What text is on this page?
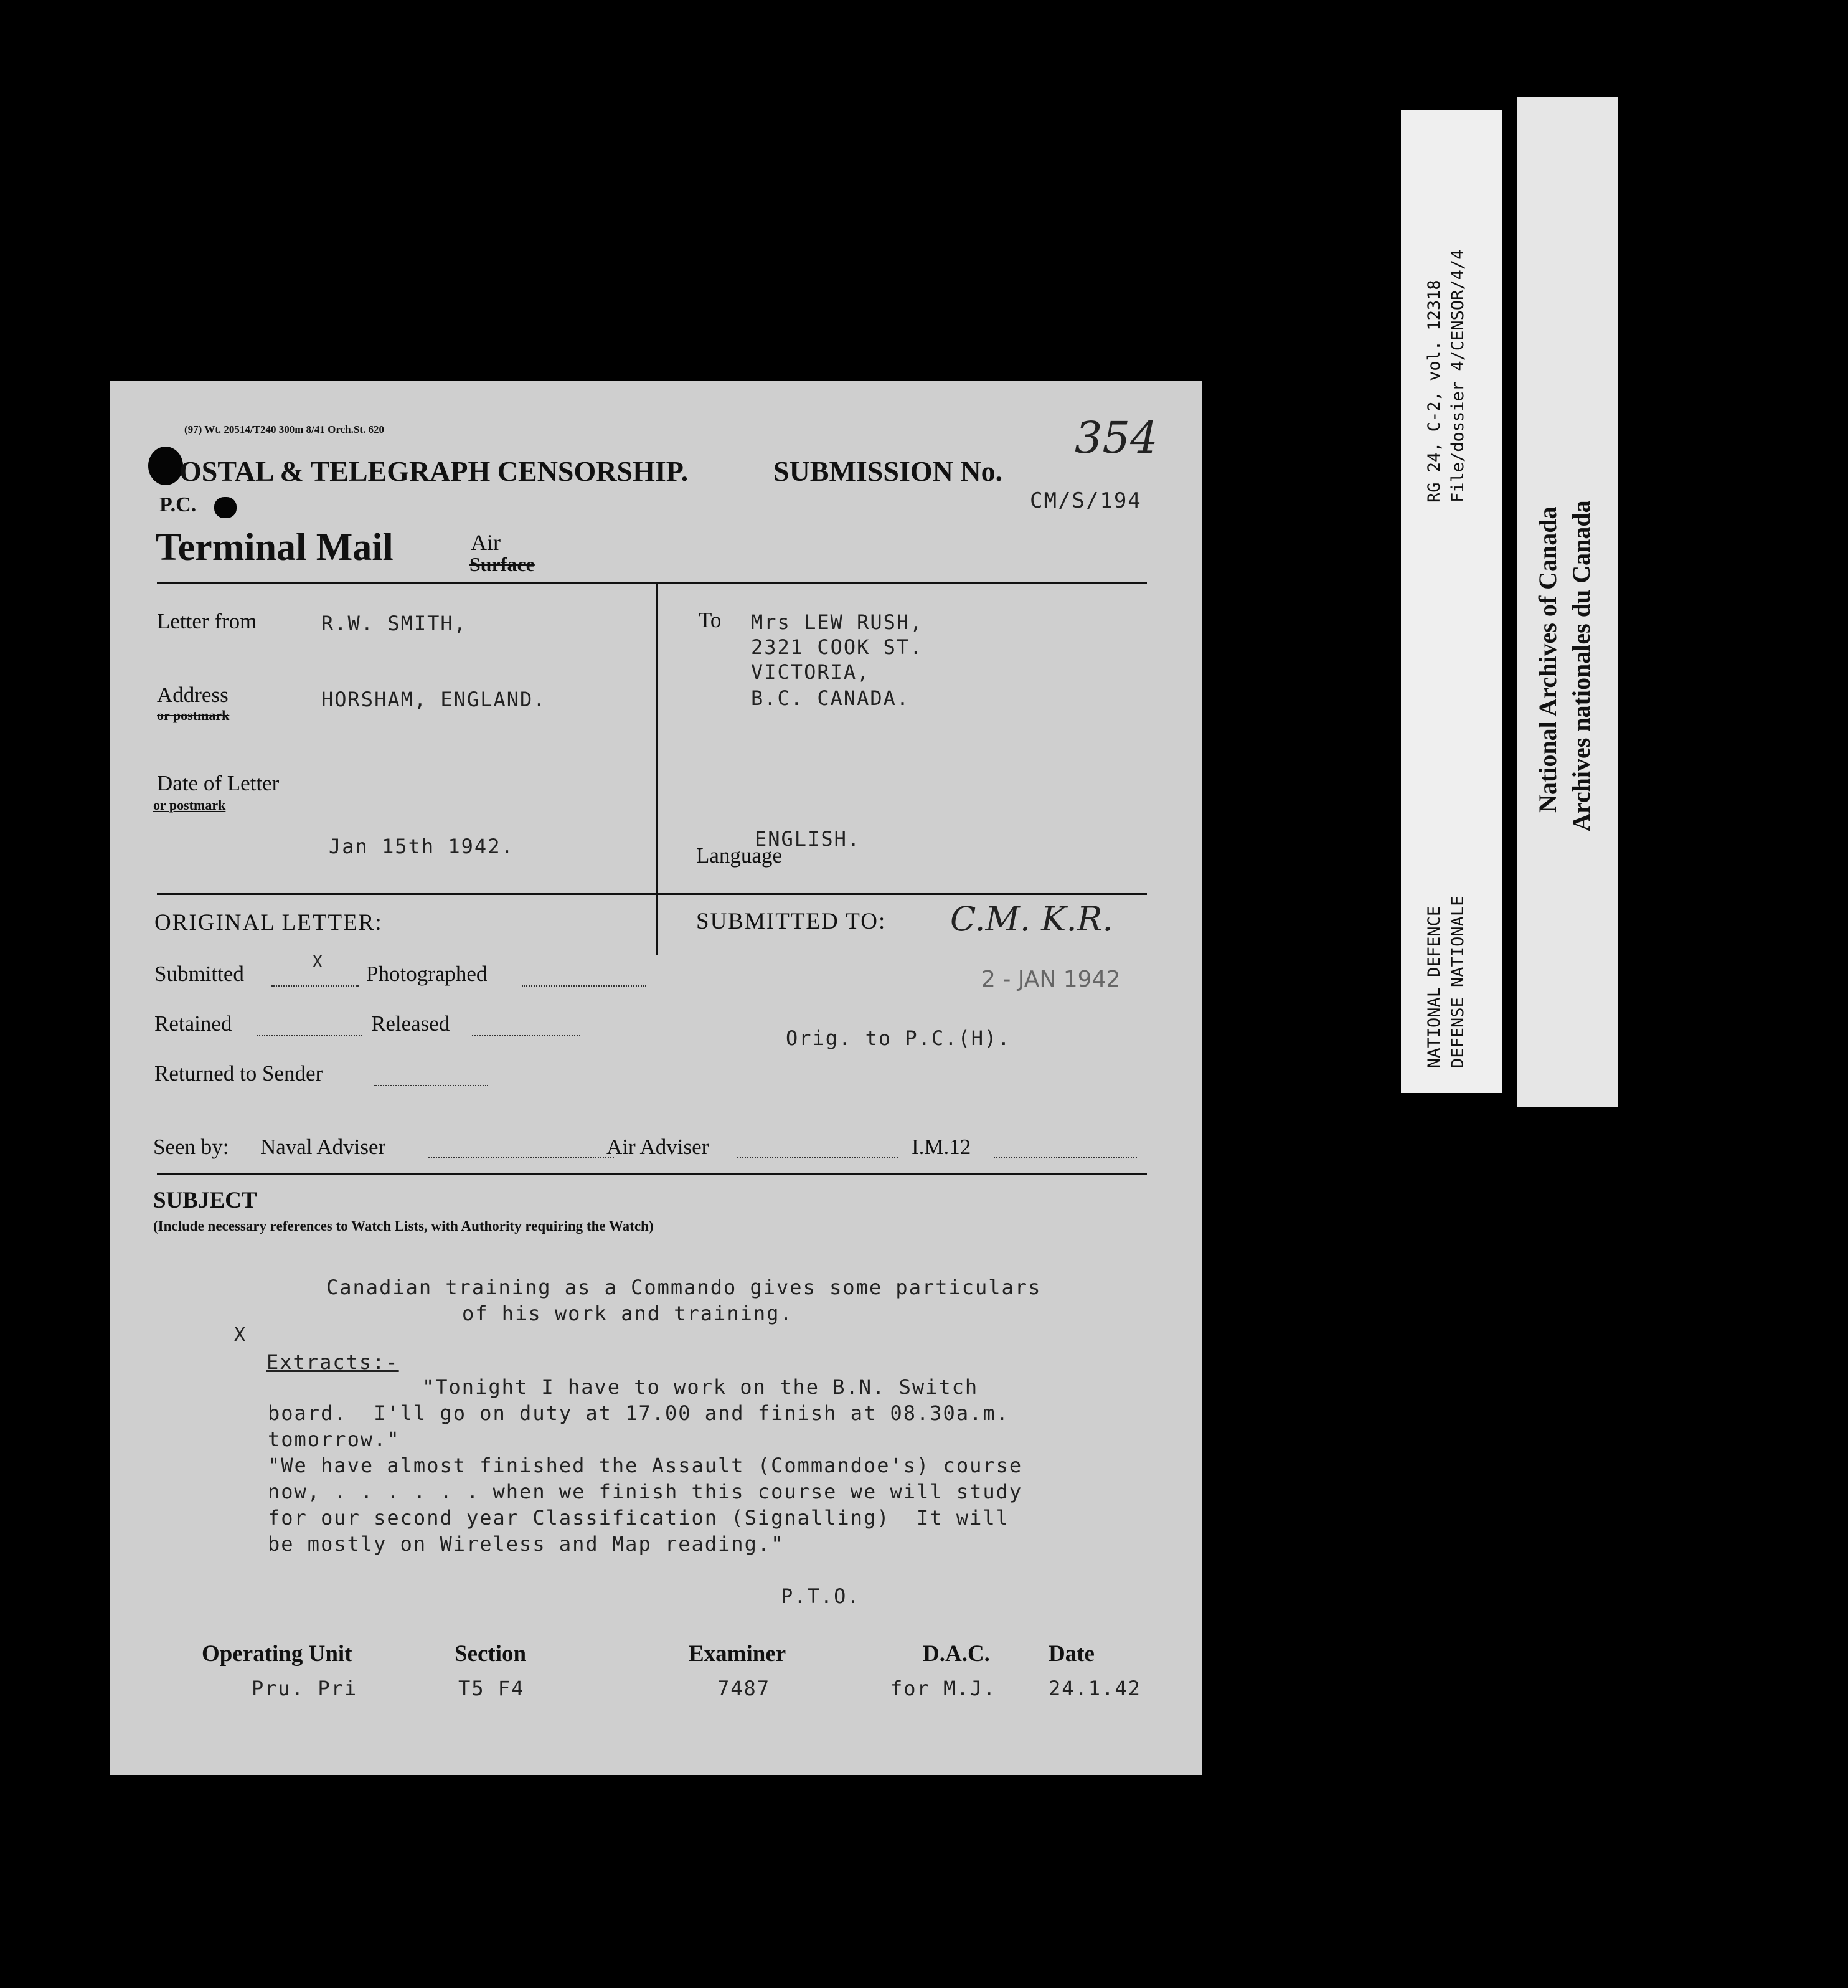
(97) Wt. 20514/T240 300m 8/41 Orch.St. 620
OSTAL & TELEGRAPH CENSORSHIP.	SUBMISSION No.
354
CM/S/194
P.C.
Terminal Mail	Air
Surface
Letter from	R.W. SMITH,
Address
or postmark
HORSHAM, ENGLAND.
Date of Letter
or postmark
Jan 15th 1942.
To Mrs LEW RUSH,
2321 COOK ST.
VICTORIA,
B.C. CANADA.
ENGLISH.
Language
ORIGINAL LETTER:
Submitted	X Photographed
Retained	Released
Returned to Sender
SUBMITTED TO: C.M. K.R.
2 - JAN 1942
Orig. to P.C.(H).
Seen by: Naval Adviser	Air Adviser	I.M.12
SUBJECT
(Include necessary references to Watch Lists, with Authority requiring the Watch)
Canadian training as a Commando gives some particulars
of his work and training.
X
Extracts:-
"Tonight I have to work on the B.N. Switch
board.  I'll go on duty at 17.00 and finish at 08.30a.m.
tomorrow."
"We have almost finished the Assault (Commandoe's) course
now, . . . . . . when we finish this course we will study
for our second year Classification (Signalling)  It will
be mostly on Wireless and Map reading."
P.T.O.
Operating Unit	Section	Examiner	D.A.C.	Date
Pru. Pri	T5 F4	7487	for M.J.	24.1.42
RG 24, C-2, vol. 12318 File/dossier 4/CENSOR/4/4
NATIONAL DEFENCE DEFENSE NATIONALE
National Archives of Canada Archives nationales du Canada
